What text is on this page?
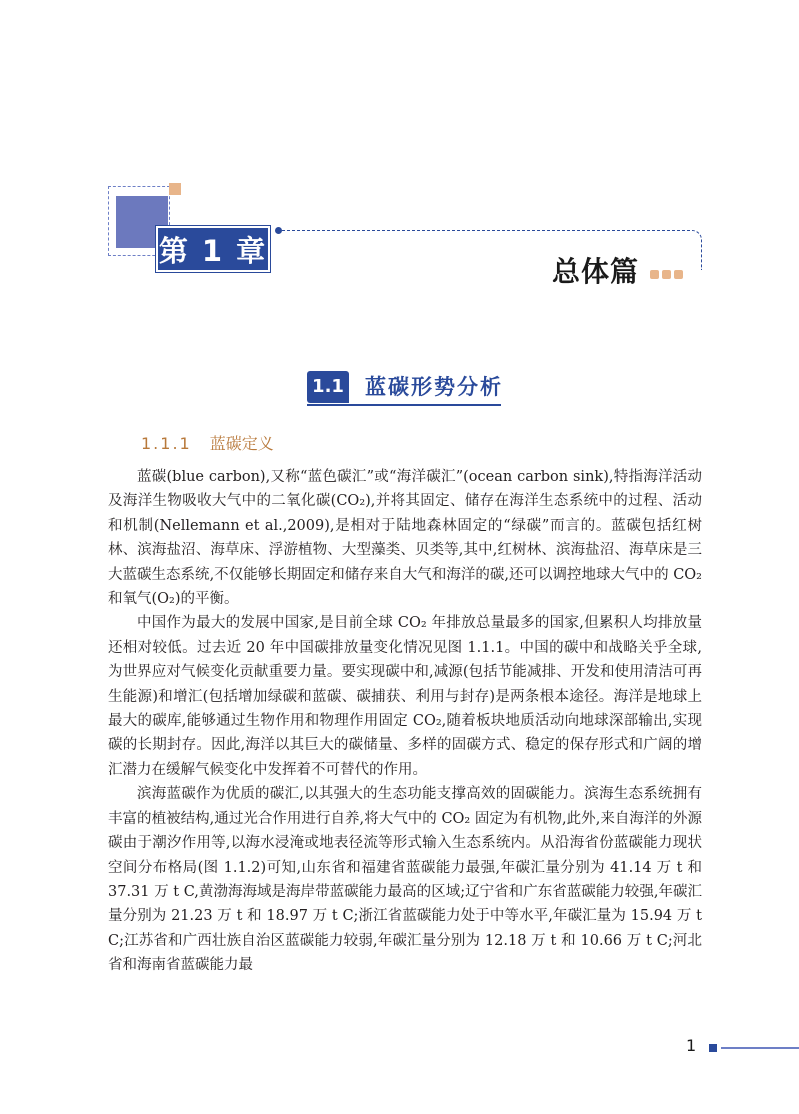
第 1 章
总体篇
1.1 蓝碳形势分析
1.1.1 蓝碳定义

蓝碳(blue carbon),又称“蓝色碳汇”或“海洋碳汇”(ocean carbon sink),特指海洋活动及海洋生物吸收大气中的二氧化碳(CO₂),并将其固定、储存在海洋生态系统中的过程、活动和机制(Nellemann et al.,2009),是相对于陆地森林固定的“绿碳”而言的。蓝碳包括红树林、滨海盐沼、海草床、浮游植物、大型藻类、贝类等,其中,红树林、滨海盐沼、海草床是三大蓝碳生态系统,不仅能够长期固定和储存来自大气和海洋的碳,还可以调控地球大气中的 CO₂ 和氧气(O₂)的平衡。

中国作为最大的发展中国家,是目前全球 CO₂ 年排放总量最多的国家,但累积人均排放量还相对较低。过去近 20 年中国碳排放量变化情况见图 1.1.1。中国的碳中和战略关乎全球,为世界应对气候变化贡献重要力量。要实现碳中和,减源(包括节能减排、开发和使用清洁可再生能源)和增汇(包括增加绿碳和蓝碳、碳捕获、利用与封存)是两条根本途径。海洋是地球上最大的碳库,能够通过生物作用和物理作用固定 CO₂,随着板块地质活动向地球深部输出,实现碳的长期封存。因此,海洋以其巨大的碳储量、多样的固碳方式、稳定的保存形式和广阔的增汇潜力在缓解气候变化中发挥着不可替代的作用。

滨海蓝碳作为优质的碳汇,以其强大的生态功能支撑高效的固碳能力。滨海生态系统拥有丰富的植被结构,通过光合作用进行自养,将大气中的 CO₂ 固定为有机物,此外,来自海洋的外源碳由于潮汐作用等,以海水浸淹或地表径流等形式输入生态系统内。从沿海省份蓝碳能力现状空间分布格局(图 1.1.2)可知,山东省和福建省蓝碳能力最强,年碳汇量分别为 41.14 万 t 和 37.31 万 t C,黄渤海海域是海岸带蓝碳能力最高的区域;辽宁省和广东省蓝碳能力较强,年碳汇量分别为 21.23 万 t 和 18.97 万 t C;浙江省蓝碳能力处于中等水平,年碳汇量为 15.94 万 t C;江苏省和广西壮族自治区蓝碳能力较弱,年碳汇量分别为 12.18 万 t 和 10.66 万 t C;河北省和海南省蓝碳能力最

1
